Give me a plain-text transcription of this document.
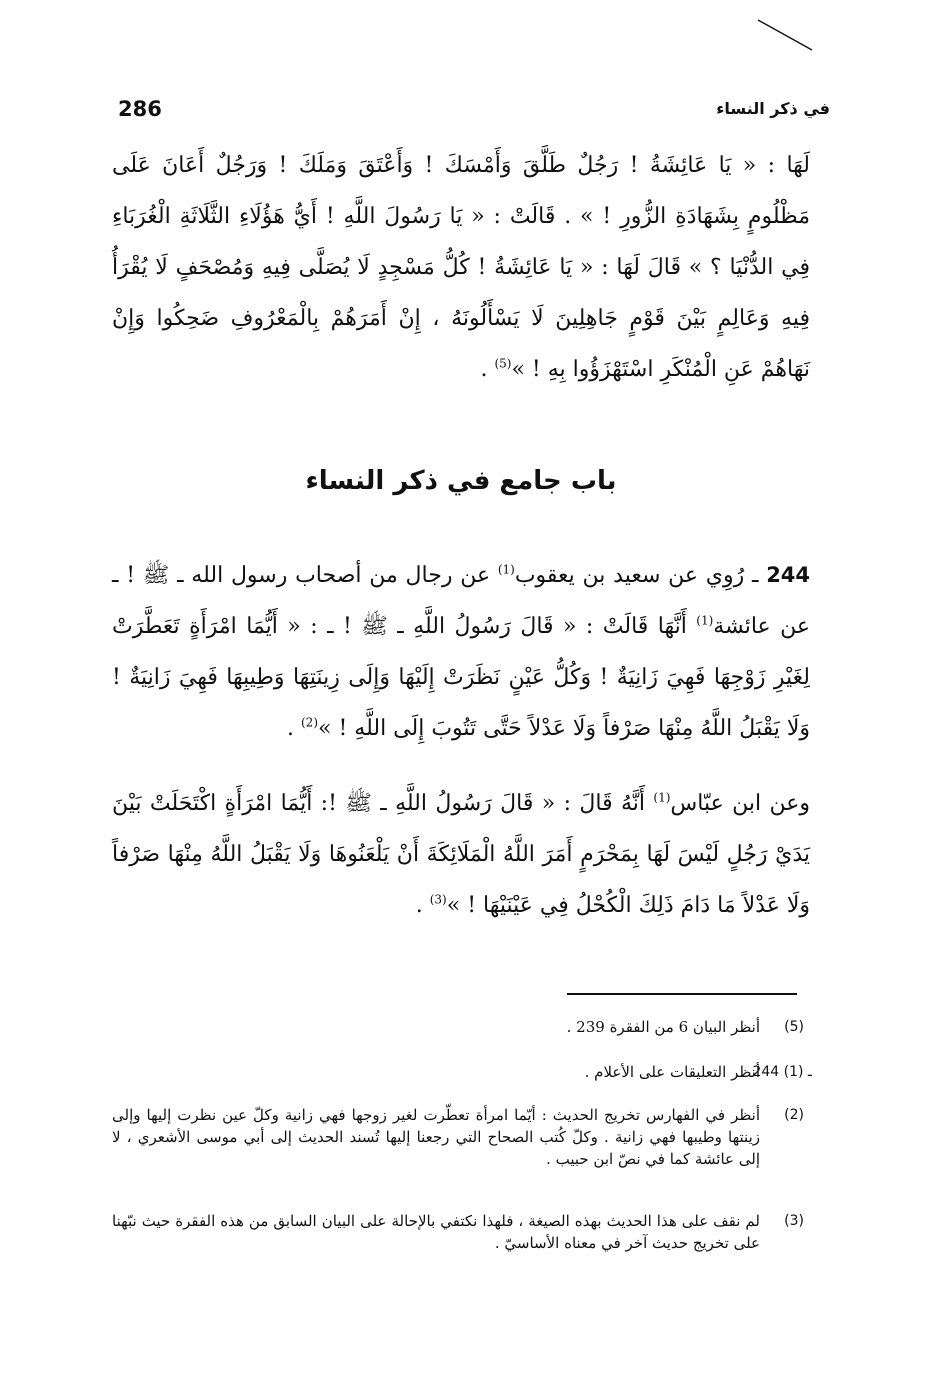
286	في ذكر النساء
لَهَا : « يَا عَائِشَةُ ! رَجُلٌ طَلَّقَ وَأَمْسَكَ ! وَأَعْتَقَ وَمَلَكَ ! وَرَجُلٌ أَعَانَ عَلَى مَظْلُومٍ بِشَهَادَةِ الزُّورِ ! » . قَالَتْ : « يَا رَسُولَ اللَّهِ ! أَيُّ هَؤُلَاءِ الثَّلَاثَةِ الْغُرَبَاءِ فِي الدُّنْيَا ؟ » قَالَ لَهَا : « يَا عَائِشَةُ ! كُلُّ مَسْجِدٍ لَا يُصَلَّى فِيهِ وَمُصْحَفٍ لَا يُقْرَأُ فِيهِ وَعَالِمٍ بَيْنَ قَوْمٍ جَاهِلِينَ لَا يَسْأَلُونَهُ ، إِنْ أَمَرَهُمْ بِالْمَعْرُوفِ ضَحِكُوا وَإِنْ نَهَاهُمْ عَنِ الْمُنْكَرِ اسْتَهْزَؤُوا بِهِ ! »$^{(5)}$ .
باب جامع في ذكر النساء
244 ـ رُوِي عن سعيد بن يعقوب$^{(1)}$ عن رجال من أصحاب رسول الله ـ ﷺ ! ـ عن عائشة$^{(1)}$ أَنَّهَا قَالَتْ : « قَالَ رَسُولُ اللَّهِ ـ ﷺ ! ـ : « أَيُّمَا امْرَأَةٍ تَعَطَّرَتْ لِغَيْرِ زَوْجِهَا فَهِيَ زَانِيَةٌ ! وَكُلُّ عَيْنٍ نَظَرَتْ إِلَيْهَا وَإِلَى زِينَتِهَا وَطِيبِهَا فَهِيَ زَانِيَةٌ ! وَلَا يَقْبَلُ اللَّهُ مِنْهَا صَرْفاً وَلَا عَدْلاً حَتَّى تَتُوبَ إِلَى اللَّهِ ! »$^{(2)}$ .
وعن ابن عبّاس$^{(1)}$ أَنَّهُ قَالَ : « قَالَ رَسُولُ اللَّهِ ـ ﷺ !: أَيُّمَا امْرَأَةٍ اكْتَحَلَتْ بَيْنَ يَدَيْ رَجُلٍ لَيْسَ لَهَا بِمَحْرَمٍ أَمَرَ اللَّهُ الْمَلَائِكَةَ أَنْ يَلْعَنُوهَا وَلَا يَقْبَلُ اللَّهُ مِنْهَا صَرْفاً وَلَا عَدْلاً مَا دَامَ ذَلِكَ الْكُحْلُ فِي عَيْنَيْهَا ! »$^{(3)}$ .
(5)
أنظر البيان 6 من الفقرة 239 .
244 ـ (1)
أنظر التعليقات على الأعلام .
(2)
أنظر في الفهارس تخريج الحديث : أيّما امرأة تعطّرت لغير زوجها فهي زانية وكلّ عين نظرت إليها وإلى زينتها وطيبها فهي زانية . وكلّ كُتب الصحاح التي رجعنا إليها تُسند الحديث إلى أبي موسى الأشعري ، لا إلى عائشة كما في نصّ ابن حبيب .
(3)
لم نقف على هذا الحديث بهذه الصيغة ، فلهذا نكتفي بالإحالة على البيان السابق من هذه الفقرة حيث نبّهنا على تخريج حديث آخر في معناه الأساسيّ .
